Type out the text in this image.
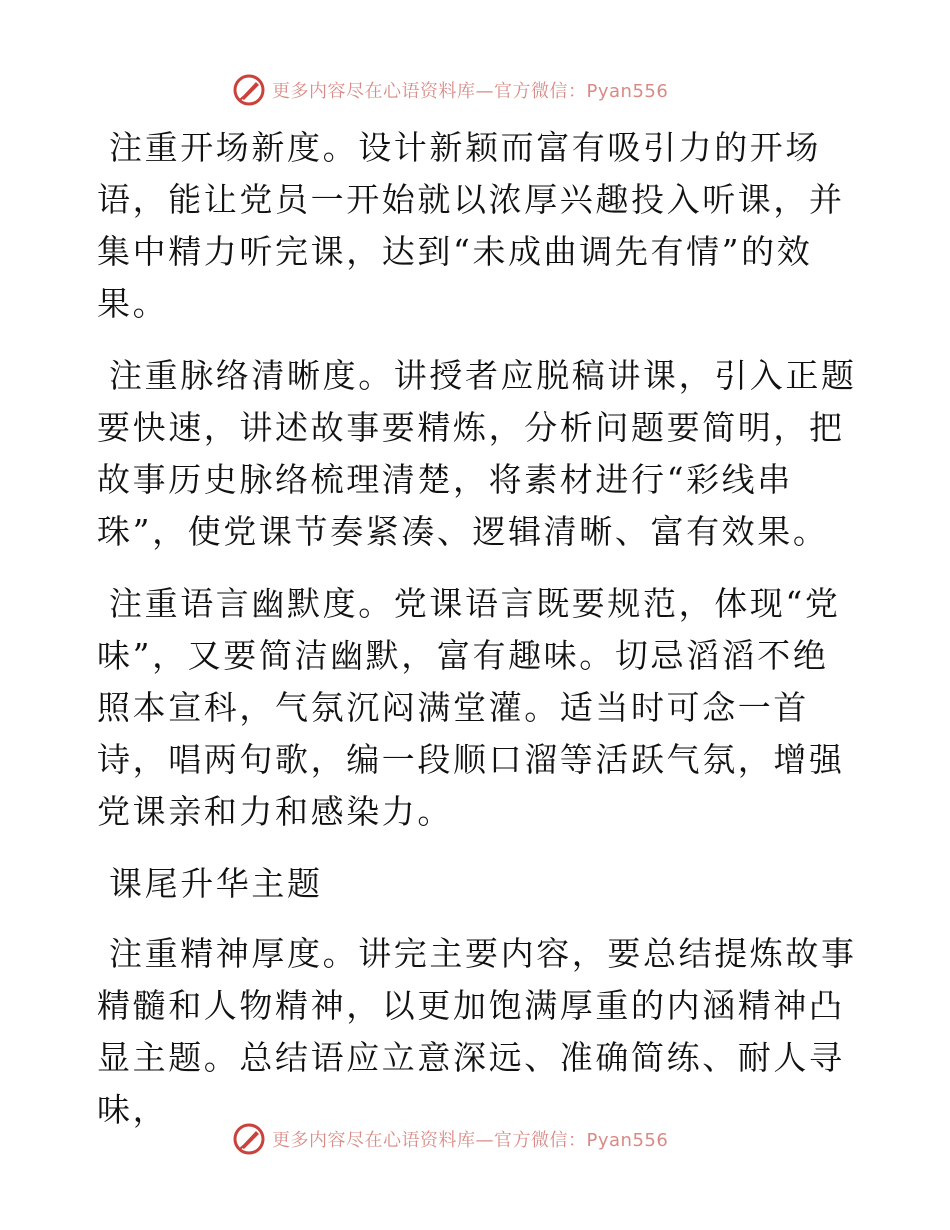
更多内容尽在心语资料库—官方微信：Pyan556

注重开场新度。设计新颖而富有吸引力的开场语，能让党员一开始就以浓厚兴趣投入听课，并集中精力听完课，达到“未成曲调先有情”的效果。

注重脉络清晰度。讲授者应脱稿讲课，引入正题要快速，讲述故事要精炼，分析问题要简明，把故事历史脉络梳理清楚，将素材进行“彩线串珠”，使党课节奏紧凑、逻辑清晰、富有效果。

注重语言幽默度。党课语言既要规范，体现“党味”，又要简洁幽默，富有趣味。切忌滔滔不绝照本宣科，气氛沉闷满堂灌。适当时可念一首诗，唱两句歌，编一段顺口溜等活跃气氛，增强党课亲和力和感染力。

课尾升华主题

注重精神厚度。讲完主要内容，要总结提炼故事精髓和人物精神，以更加饱满厚重的内涵精神凸显主题。总结语应立意深远、准确简练、耐人寻味，

更多内容尽在心语资料库—官方微信：Pyan556
